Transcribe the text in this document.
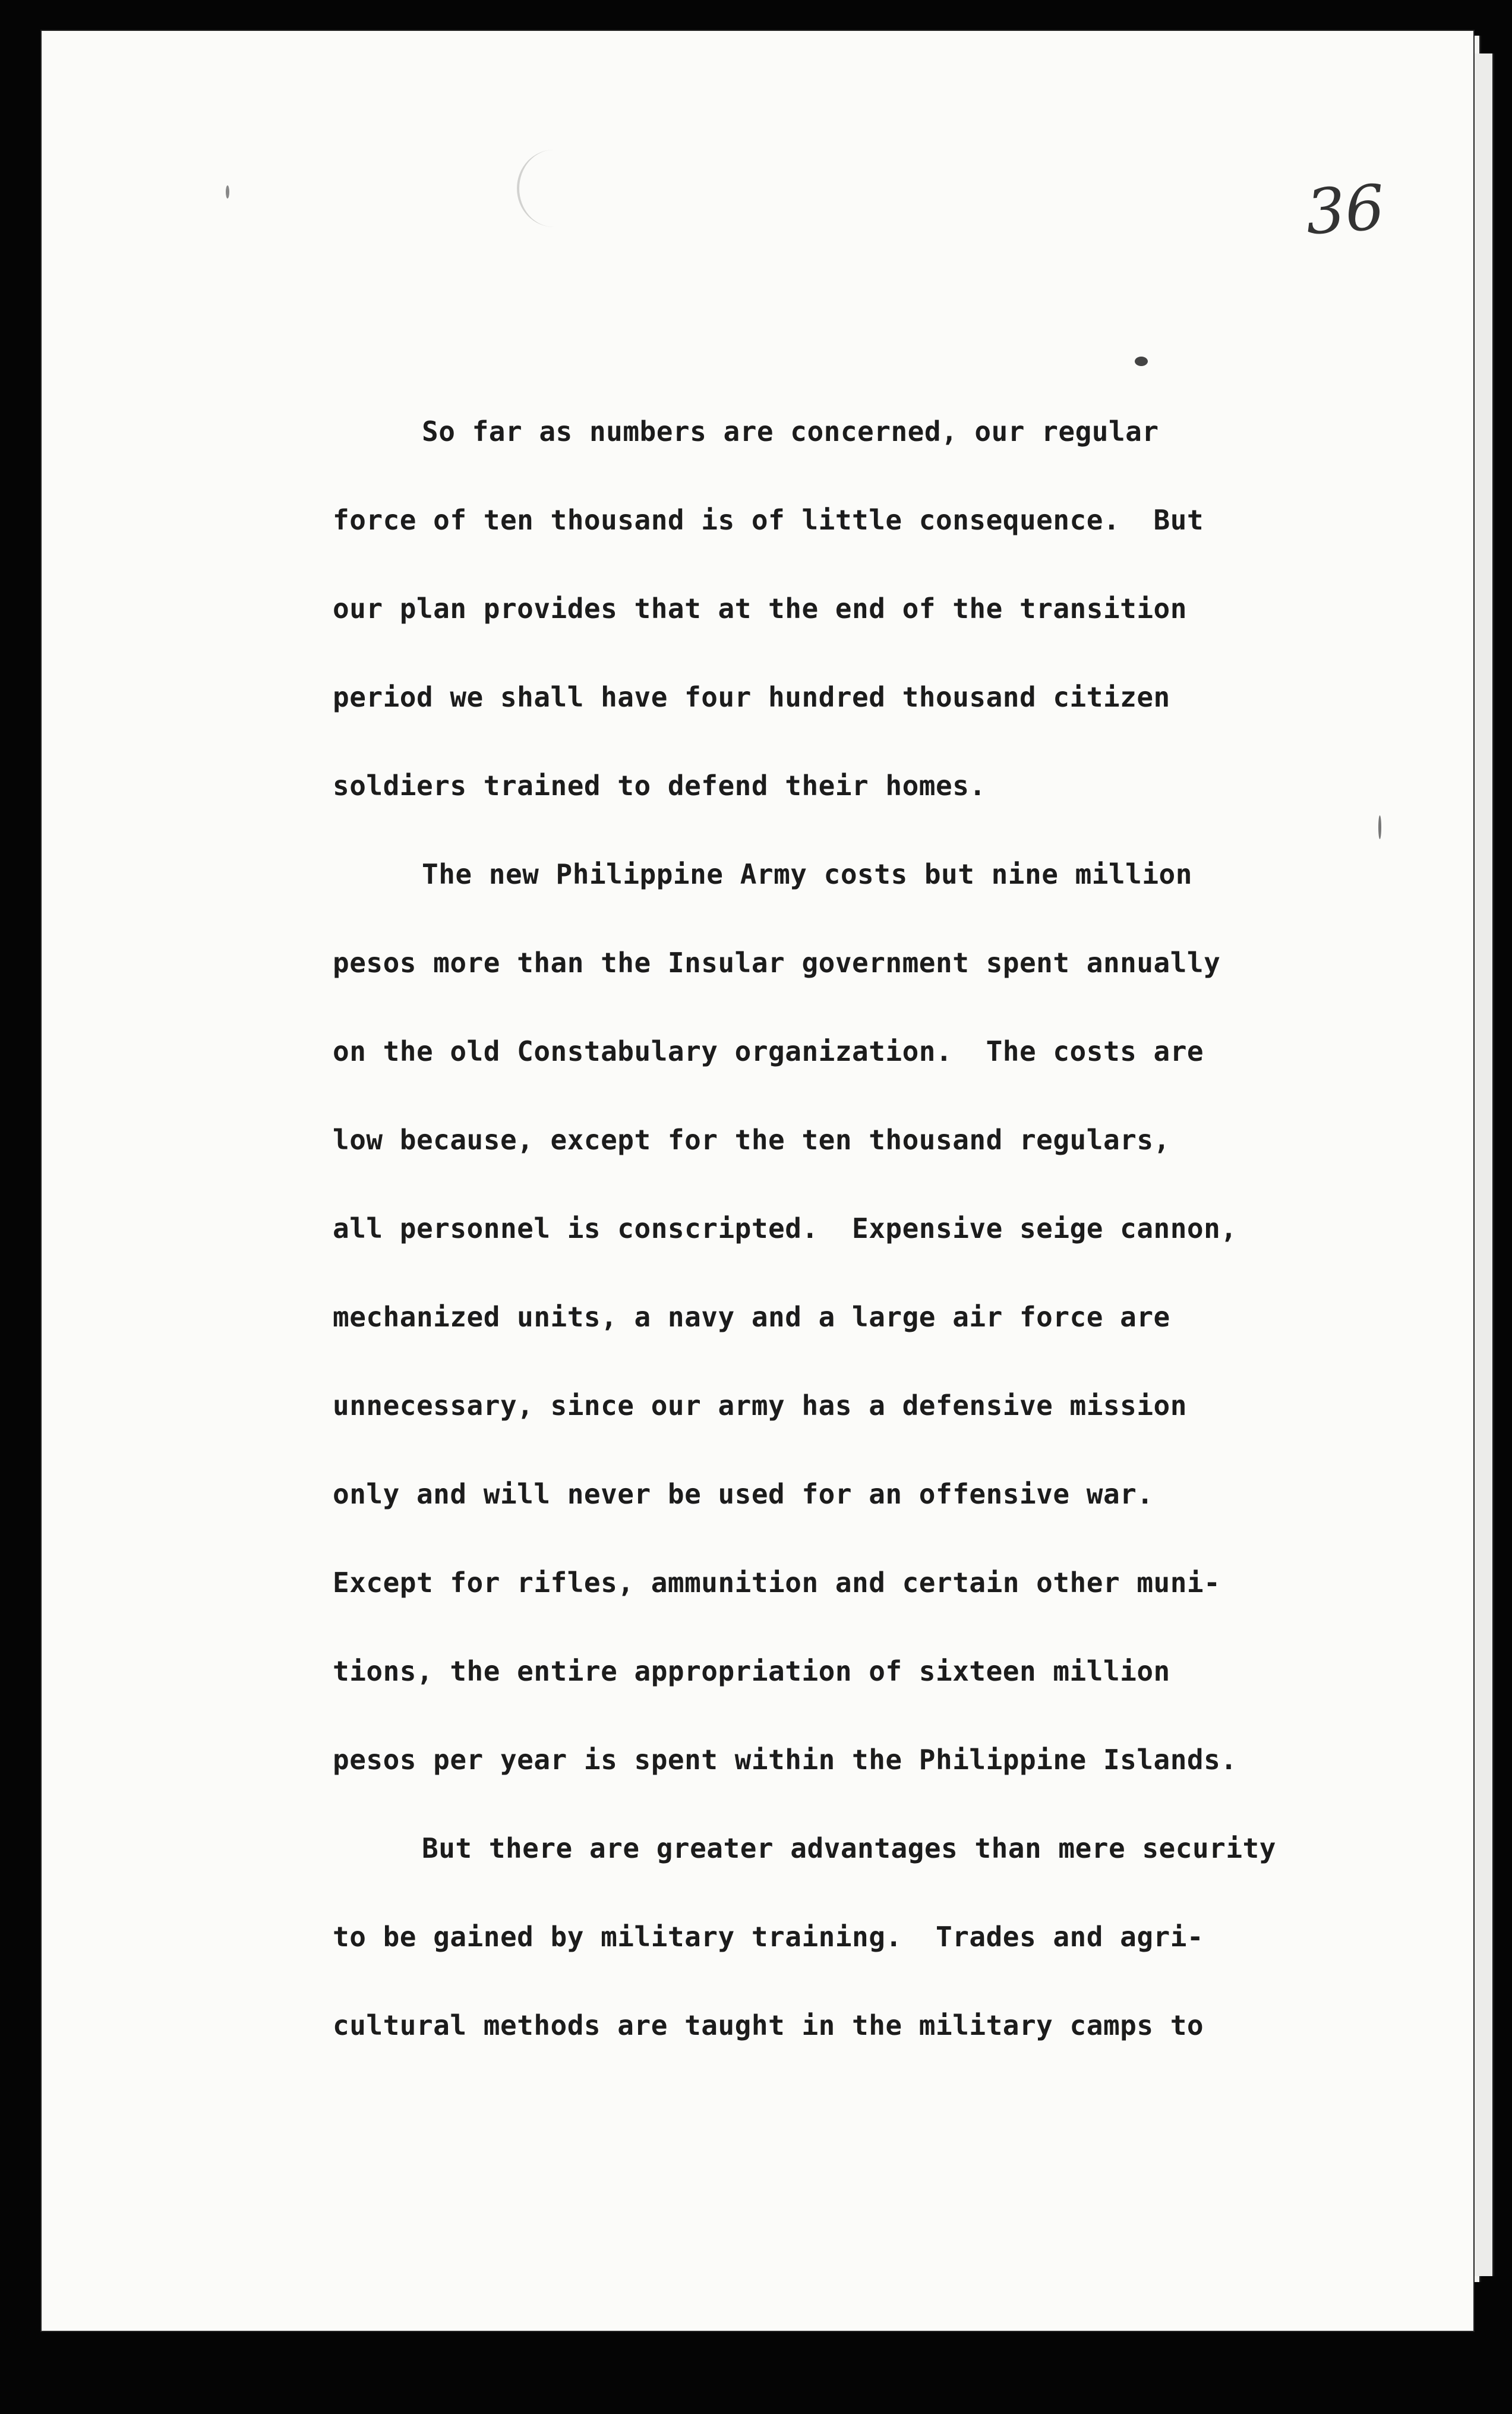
36
So far as numbers are concerned, our regular
force of ten thousand is of little consequence.  But
our plan provides that at the end of the transition
period we shall have four hundred thousand citizen
soldiers trained to defend their homes.
The new Philippine Army costs but nine million
pesos more than the Insular government spent annually
on the old Constabulary organization.  The costs are
low because, except for the ten thousand regulars,
all personnel is conscripted.  Expensive seige cannon,
mechanized units, a navy and a large air force are
unnecessary, since our army has a defensive mission
only and will never be used for an offensive war.
Except for rifles, ammunition and certain other muni-
tions, the entire appropriation of sixteen million
pesos per year is spent within the Philippine Islands.
But there are greater advantages than mere security
to be gained by military training.  Trades and agri-
cultural methods are taught in the military camps to
